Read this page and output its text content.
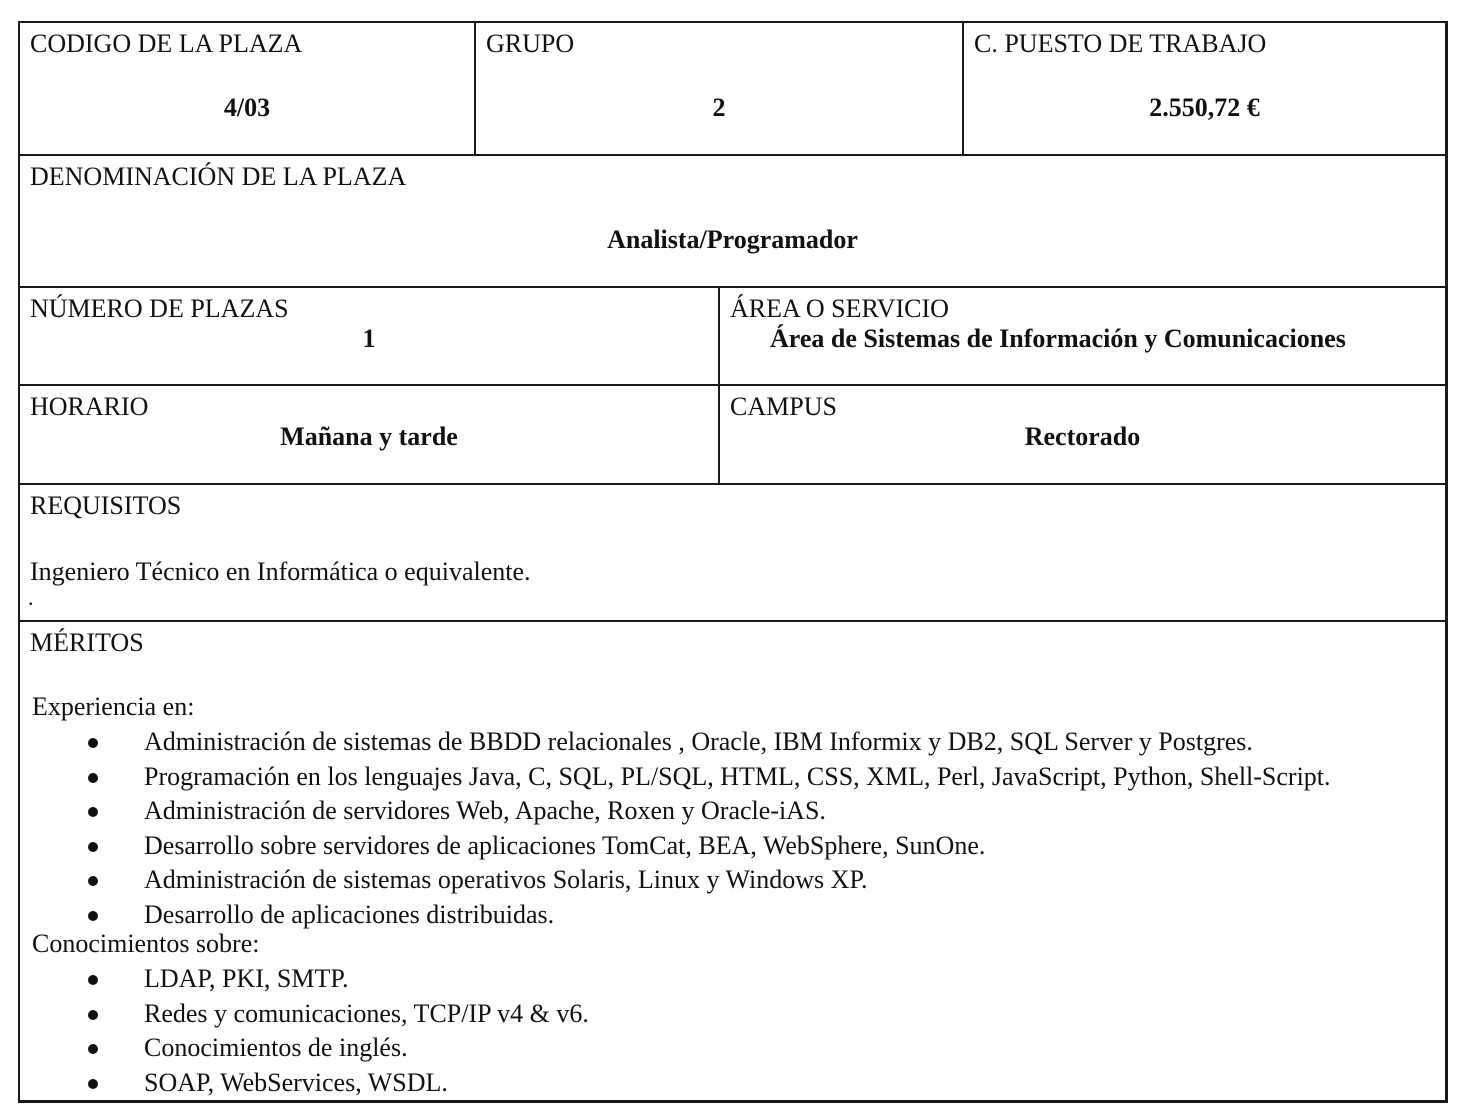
CODIGO DE LA PLAZA
4/03
GRUPO
2
C. PUESTO DE TRABAJO
2.550,72 €
DENOMINACIÓN DE LA PLAZA
Analista/Programador
NÚMERO DE PLAZAS
1
ÁREA O SERVICIO
Área de Sistemas de Información y Comunicaciones
HORARIO
Mañana y tarde
CAMPUS
Rectorado
REQUISITOS
Ingeniero Técnico en Informática o equivalente.
.
MÉRITOS
Experiencia en:
Administración de sistemas de BBDD relacionales , Oracle, IBM Informix y DB2, SQL Server y Postgres.
Programación en los lenguajes Java, C, SQL, PL/SQL, HTML, CSS, XML, Perl, JavaScript, Python, Shell-Script.
Administración de servidores Web, Apache, Roxen y Oracle-iAS.
Desarrollo sobre servidores de aplicaciones TomCat, BEA, WebSphere, SunOne.
Administración de sistemas operativos Solaris, Linux y Windows XP.
Desarrollo de aplicaciones distribuidas.
Conocimientos sobre:
LDAP, PKI, SMTP.
Redes y comunicaciones, TCP/IP v4 & v6.
Conocimientos de inglés.
SOAP, WebServices, WSDL.
